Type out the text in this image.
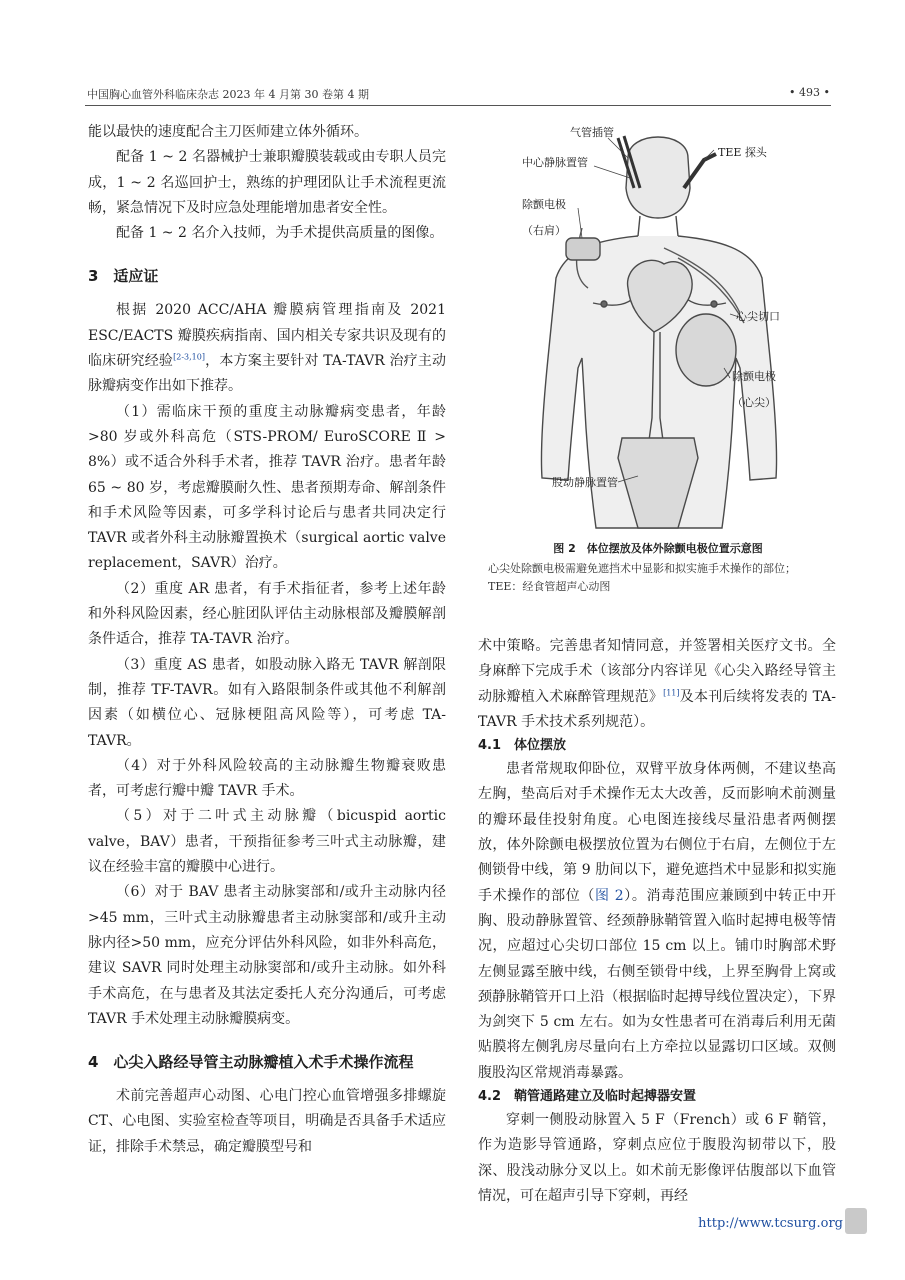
中国胸心血管外科临床杂志 2023 年 4 月第 30 卷第 4 期	• 493 •

能以最快的速度配合主刀医师建立体外循环。

配备 1 ~ 2 名器械护士兼职瓣膜装载或由专职人员完成，1 ~ 2 名巡回护士，熟练的护理团队让手术流程更流畅，紧急情况下及时应急处理能增加患者安全性。

配备 1 ~ 2 名介入技师，为手术提供高质量的图像。

3　适应证

根据 2020 ACC/AHA 瓣膜病管理指南及 2021 ESC/EACTS 瓣膜疾病指南、国内相关专家共识及现有的临床研究经验[2-3,10]，本方案主要针对 TA-TAVR 治疗主动脉瓣病变作出如下推荐。

（1）需临床干预的重度主动脉瓣病变患者，年龄>80 岁或外科高危（STS-PROM/ EuroSCORE Ⅱ > 8%）或不适合外科手术者，推荐 TAVR 治疗。患者年龄 65 ~ 80 岁，考虑瓣膜耐久性、患者预期寿命、解剖条件和手术风险等因素，可多学科讨论后与患者共同决定行 TAVR 或者外科主动脉瓣置换术（surgical aortic valve replacement，SAVR）治疗。

（2）重度 AR 患者，有手术指征者，参考上述年龄和外科风险因素，经心脏团队评估主动脉根部及瓣膜解剖条件适合，推荐 TA-TAVR 治疗。

（3）重度 AS 患者，如股动脉入路无 TAVR 解剖限制，推荐 TF-TAVR。如有入路限制条件或其他不利解剖因素（如横位心、冠脉梗阻高风险等），可考虑 TA-TAVR。

（4）对于外科风险较高的主动脉瓣生物瓣衰败患者，可考虑行瓣中瓣 TAVR 手术。

（5）对于二叶式主动脉瓣（bicuspid aortic valve，BAV）患者，干预指征参考三叶式主动脉瓣，建议在经验丰富的瓣膜中心进行。

（6）对于 BAV 患者主动脉窦部和/或升主动脉内径>45 mm，三叶式主动脉瓣患者主动脉窦部和/或升主动脉内径>50 mm，应充分评估外科风险，如非外科高危，建议 SAVR 同时处理主动脉窦部和/或升主动脉。如外科手术高危，在与患者及其法定委托人充分沟通后，可考虑 TAVR 手术处理主动脉瓣膜病变。

4　心尖入路经导管主动脉瓣植入术手术操作流程

术前完善超声心动图、心电门控心血管增强多排螺旋 CT、心电图、实验室检查等项目，明确是否具备手术适应证，排除手术禁忌，确定瓣膜型号和

气管插管
TEE 探头
中心静脉置管
除颤电极
（右肩）
心尖切口
除颤电极
（心尖）
股动静脉置管
图 2　体位摆放及体外除颤电极位置示意图
心尖处除颤电极需避免遮挡术中显影和拟实施手术操作的部位；TEE：经食管超声心动图

术中策略。完善患者知情同意，并签署相关医疗文书。全身麻醉下完成手术（该部分内容详见《心尖入路经导管主动脉瓣植入术麻醉管理规范》[11]及本刊后续将发表的 TA-TAVR 手术技术系列规范）。

4.1　体位摆放

患者常规取仰卧位，双臂平放身体两侧，不建议垫高左胸，垫高后对手术操作无太大改善，反而影响术前测量的瓣环最佳投射角度。心电图连接线尽量沿患者两侧摆放，体外除颤电极摆放位置为右侧位于右肩，左侧位于左侧锁骨中线，第 9 肋间以下，避免遮挡术中显影和拟实施手术操作的部位（图 2）。消毒范围应兼顾到中转正中开胸、股动静脉置管、经颈静脉鞘管置入临时起搏电极等情况，应超过心尖切口部位 15 cm 以上。铺巾时胸部术野左侧显露至腋中线，右侧至锁骨中线，上界至胸骨上窝或颈静脉鞘管开口上沿（根据临时起搏导线位置决定），下界为剑突下 5 cm 左右。如为女性患者可在消毒后利用无菌贴膜将左侧乳房尽量向右上方牵拉以显露切口区域。双侧腹股沟区常规消毒暴露。

4.2　鞘管通路建立及临时起搏器安置

穿刺一侧股动脉置入 5 F（French）或 6 F 鞘管，作为造影导管通路，穿刺点应位于腹股沟韧带以下，股深、股浅动脉分叉以上。如术前无影像评估腹部以下血管情况，可在超声引导下穿刺，再经

http://www.tcsurg.org
